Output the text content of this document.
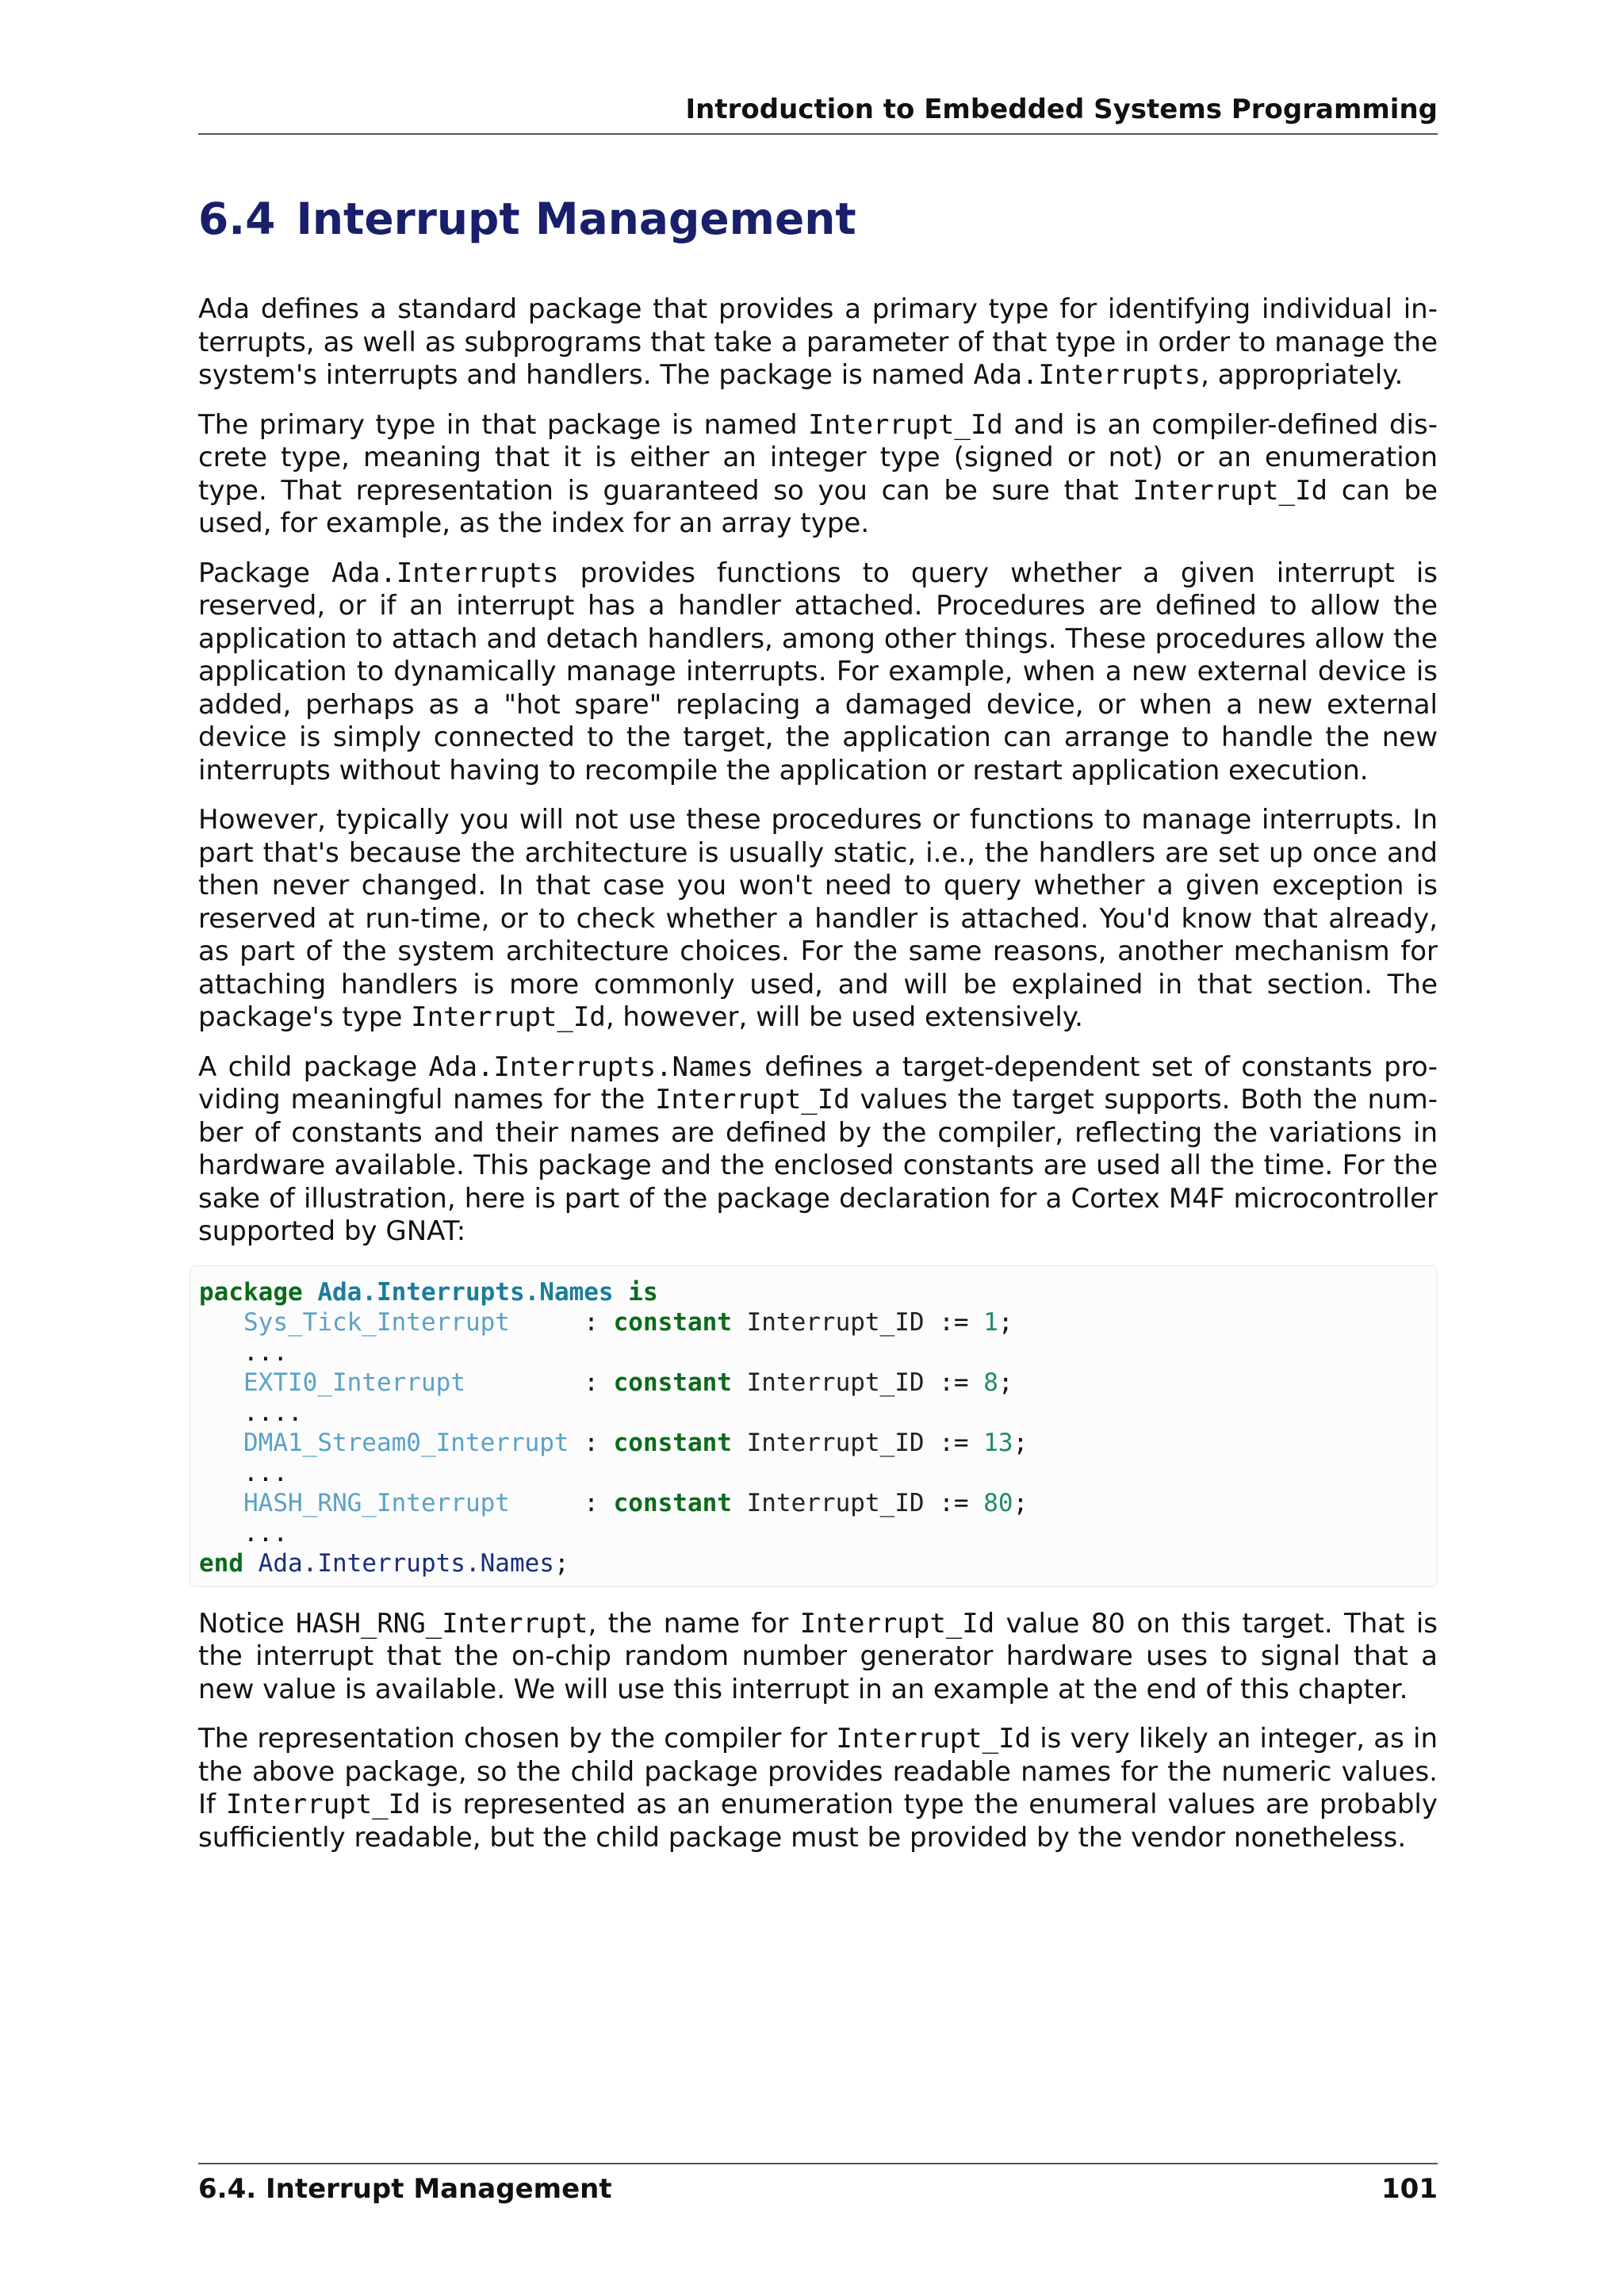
Introduction to Embedded Systems Programming
6.4 Interrupt Management

Ada defines a standard package that provides a primary type for identifying individual interrupts, as well as subprograms that take a parameter of that type in order to manage the system's interrupts and handlers. The package is named Ada.Interrupts, appropriately.

The primary type in that package is named Interrupt_Id and is an compiler-defined discrete type, meaning that it is either an integer type (signed or not) or an enumeration type. That representation is guaranteed so you can be sure that Interrupt_Id can be used, for example, as the index for an array type.

Package Ada.Interrupts provides functions to query whether a given interrupt is reserved, or if an interrupt has a handler attached. Procedures are defined to allow the application to attach and detach handlers, among other things. These procedures allow the application to dynamically manage interrupts. For example, when a new external device is added, perhaps as a "hot spare" replacing a damaged device, or when a new external device is simply connected to the target, the application can arrange to handle the new interrupts without having to recompile the application or restart application execution.

However, typically you will not use these procedures or functions to manage interrupts. In part that's because the architecture is usually static, i.e., the handlers are set up once and then never changed. In that case you won't need to query whether a given exception is reserved at run-time, or to check whether a handler is attached. You'd know that already, as part of the system architecture choices. For the same reasons, another mechanism for attaching handlers is more commonly used, and will be explained in that section. The package's type Interrupt_Id, however, will be used extensively.

A child package Ada.Interrupts.Names defines a target-dependent set of constants providing meaningful names for the Interrupt_Id values the target supports. Both the number of constants and their names are defined by the compiler, reflecting the variations in hardware available. This package and the enclosed constants are used all the time. For the sake of illustration, here is part of the package declaration for a Cortex M4F microcontroller supported by GNAT:

package Ada.Interrupts.Names is
Sys_Tick_Interrupt     : constant Interrupt_ID := 1;
...
EXTI0_Interrupt        : constant Interrupt_ID := 8;
....
DMA1_Stream0_Interrupt : constant Interrupt_ID := 13;
...
HASH_RNG_Interrupt     : constant Interrupt_ID := 80;
...
end Ada.Interrupts.Names;

Notice HASH_RNG_Interrupt, the name for Interrupt_Id value 80 on this target. That is the interrupt that the on-chip random number generator hardware uses to signal that a new value is available. We will use this interrupt in an example at the end of this chapter.

The representation chosen by the compiler for Interrupt_Id is very likely an integer, as in the above package, so the child package provides readable names for the numeric values. If Interrupt_Id is represented as an enumeration type the enumeral values are probably sufficiently readable, but the child package must be provided by the vendor nonetheless.

6.4. Interrupt Management	101
